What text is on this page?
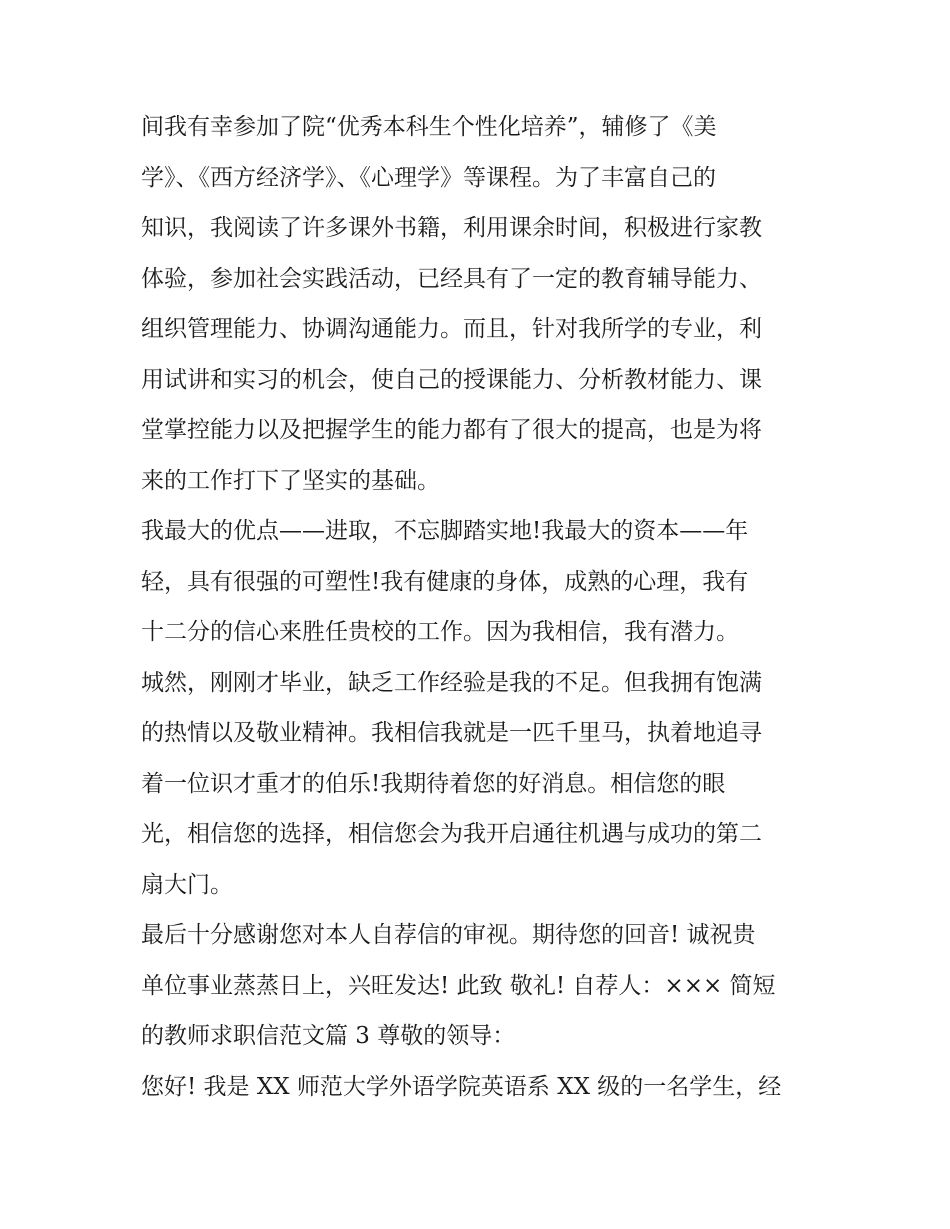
间我有幸参加了院“优秀本科生个性化培养”，辅修了《美
学》、《西方经济学》、《心理学》等课程。为了丰富自己的
知识，我阅读了许多课外书籍，利用课余时间，积极进行家教
体验，参加社会实践活动，已经具有了一定的教育辅导能力、
组织管理能力、协调沟通能力。而且，针对我所学的专业，利
用试讲和实习的机会，使自己的授课能力、分析教材能力、课
堂掌控能力以及把握学生的能力都有了很大的提高，也是为将
来的工作打下了坚实的基础。
我最大的优点——进取，不忘脚踏实地!我最大的资本——年
轻，具有很强的可塑性!我有健康的身体，成熟的心理，我有
十二分的信心来胜任贵校的工作。因为我相信，我有潜力。
城然，刚刚才毕业，缺乏工作经验是我的不足。但我拥有饱满
的热情以及敬业精神。我相信我就是一匹千里马，执着地追寻
着一位识才重才的伯乐!我期待着您的好消息。相信您的眼
光，相信您的选择，相信您会为我开启通往机遇与成功的第二
扇大门。
最后十分感谢您对本人自荐信的审视。期待您的回音! 诚祝贵
单位事业蒸蒸日上，兴旺发达! 此致 敬礼! 自荐人：××× 简短
的教师求职信范文篇 3 尊敬的领导：
您好! 我是 XX 师范大学外语学院英语系 XX 级的一名学生，经
